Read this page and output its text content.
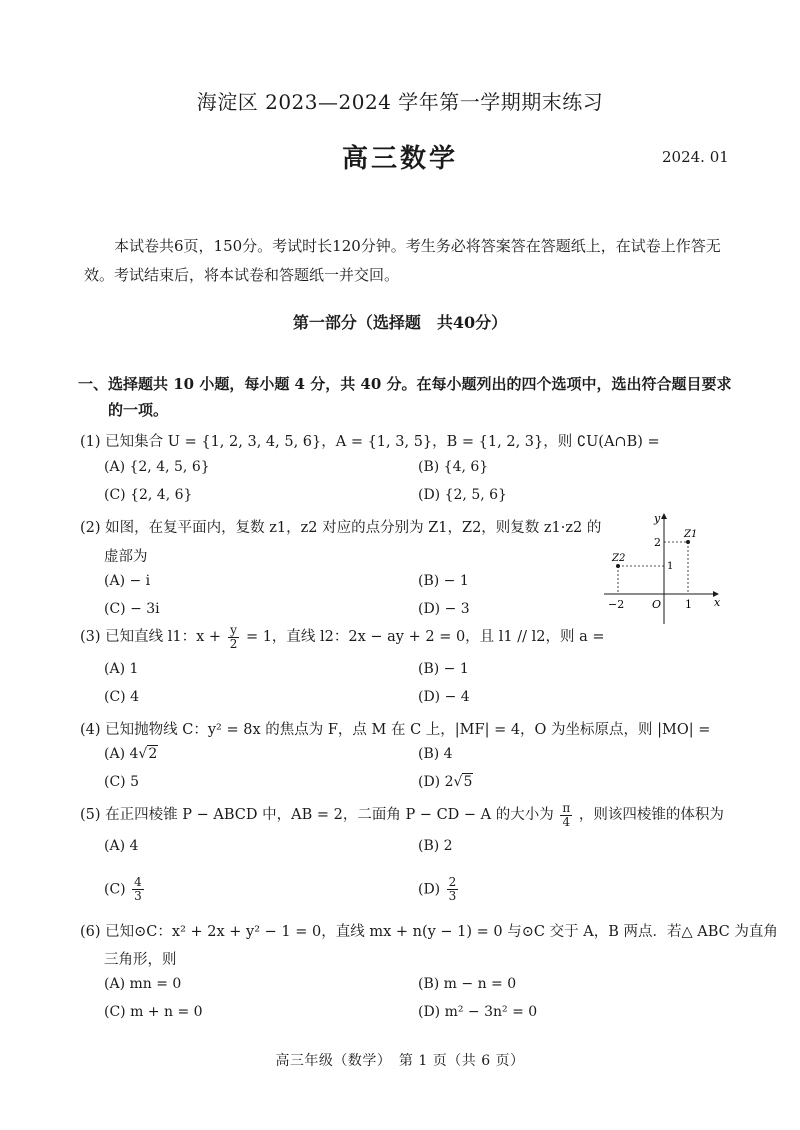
海淀区 2023—2024 学年第一学期期末练习
高三数学	2024. 01
本试卷共6页，150分。考试时长120分钟。考生务必将答案答在答题纸上，在试卷上作答无效。考试结束后，将本试卷和答题纸一并交回。
第一部分（选择题　共40分）
一、选择题共 10 小题，每小题 4 分，共 40 分。在每小题列出的四个选项中，选出符合题目要求
的一项。
(1) 已知集合 U = {1, 2, 3, 4, 5, 6}，A = {1, 3, 5}，B = {1, 2, 3}，则 ∁U(A∩B) =
(A) {2, 4, 5, 6}	(B) {4, 6}
(C) {2, 4, 6}	(D) {2, 5, 6}
(2) 如图，在复平面内，复数 z1，z2 对应的点分别为 Z1，Z2，则复数 z1·z2 的
虚部为
(A) − i	(B) − 1
(C) − 3i	(D) − 3
y
x
O
−2	1
2
1
Z1
Z2
(3) 已知直线 l1：$x + \frac{y}{2} = 1$，直线 l2：2x − ay + 2 = 0，且 l1 // l2，则 a =
(A) 1	(B) − 1
(C) 4	(D) − 4
(4) 已知抛物线 C：y² = 8x 的焦点为 F，点 M 在 C 上，|MF| = 4，O 为坐标原点，则 |MO| =
(A) 4√2	(B) 4
(C) 5	(D) 2√5
(5) 在正四棱锥 P − ABCD 中，AB = 2，二面角 P − CD − A 的大小为 $\frac{\pi}{4}$ ，则该四棱锥的体积为
(A) 4	(B) 2
$(C) \frac{4}{3}$	$(D) \frac{2}{3}$
(6) 已知⊙C：x² + 2x + y² − 1 = 0，直线 mx + n(y − 1) = 0 与⊙C 交于 A，B 两点．若△ ABC 为直角
三角形，则
(A) mn = 0	(B) m − n = 0
(C) m + n = 0	(D) m² − 3n² = 0
高三年级（数学）　第 1 页（共 6 页）
